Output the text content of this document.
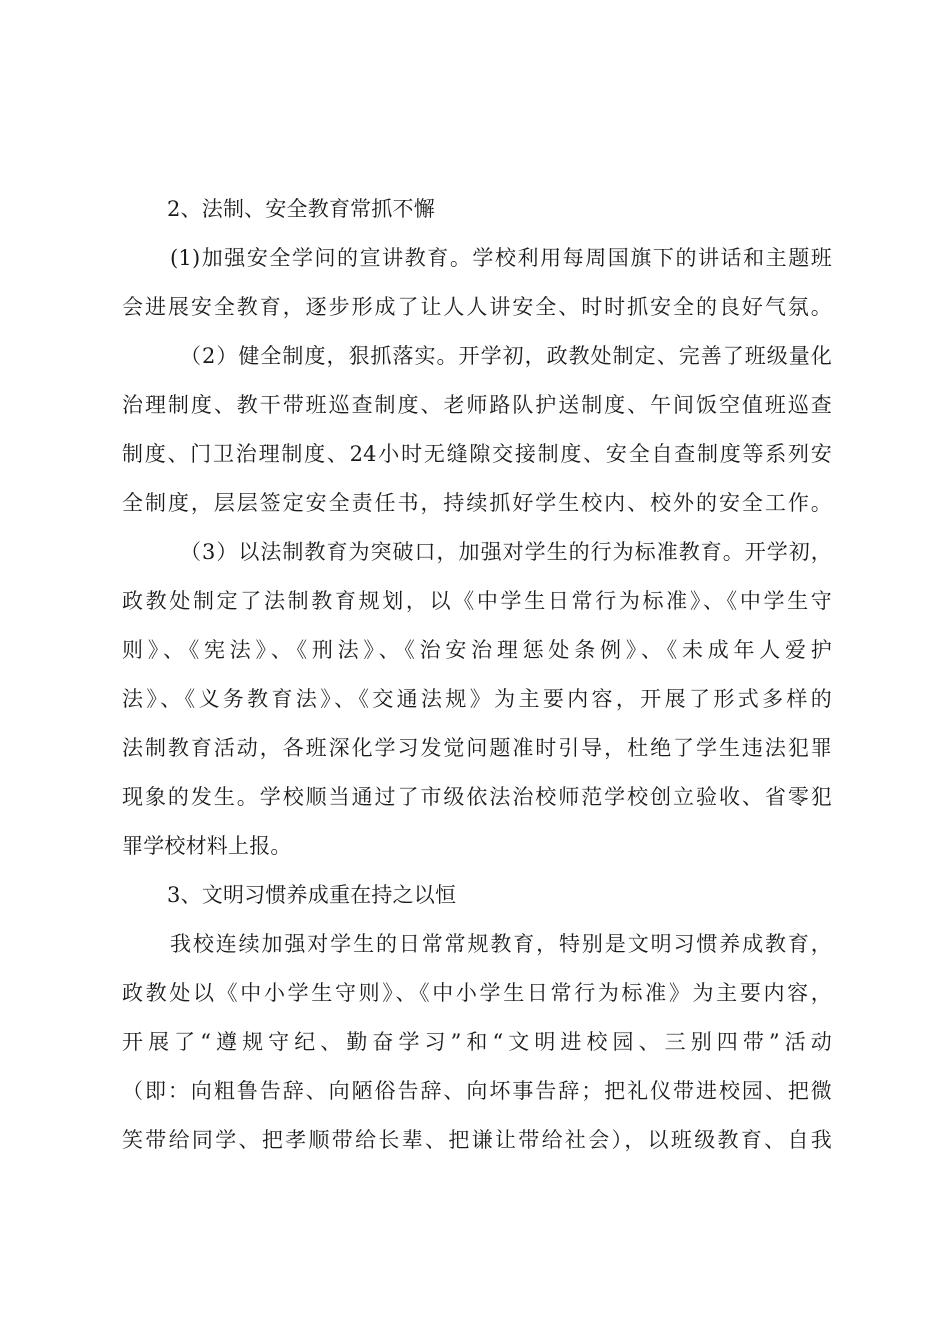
2、法制、安全教育常抓不懈
(1)加强安全学问的宣讲教育。学校利用每周国旗下的讲话和主题班
会进展安全教育，逐步形成了让人人讲安全、时时抓安全的良好气氛。
（2）健全制度，狠抓落实。开学初，政教处制定、完善了班级量化
治理制度、教干带班巡查制度、老师路队护送制度、午间饭空值班巡查
制度、门卫治理制度、24小时无缝隙交接制度、安全自查制度等系列安
全制度，层层签定安全责任书，持续抓好学生校内、校外的安全工作。
（3）以法制教育为突破口，加强对学生的行为标准教育。开学初，
政教处制定了法制教育规划，以《中学生日常行为标准》、《中学生守
则》、《宪法》、《刑法》、《治安治理惩处条例》、《未成年人爱护
法》、《义务教育法》、《交通法规》为主要内容，开展了形式多样的
法制教育活动，各班深化学习发觉问题准时引导，杜绝了学生违法犯罪
现象的发生。学校顺当通过了市级依法治校师范学校创立验收、省零犯
罪学校材料上报。
3、文明习惯养成重在持之以恒
我校连续加强对学生的日常常规教育，特别是文明习惯养成教育，
政教处以《中小学生守则》、《中小学生日常行为标准》为主要内容，
开展了“遵规守纪、勤奋学习”和“文明进校园、三别四带”活动
（即：向粗鲁告辞、向陋俗告辞、向坏事告辞；把礼仪带进校园、把微
笑带给同学、把孝顺带给长辈、把谦让带给社会），以班级教育、自我
